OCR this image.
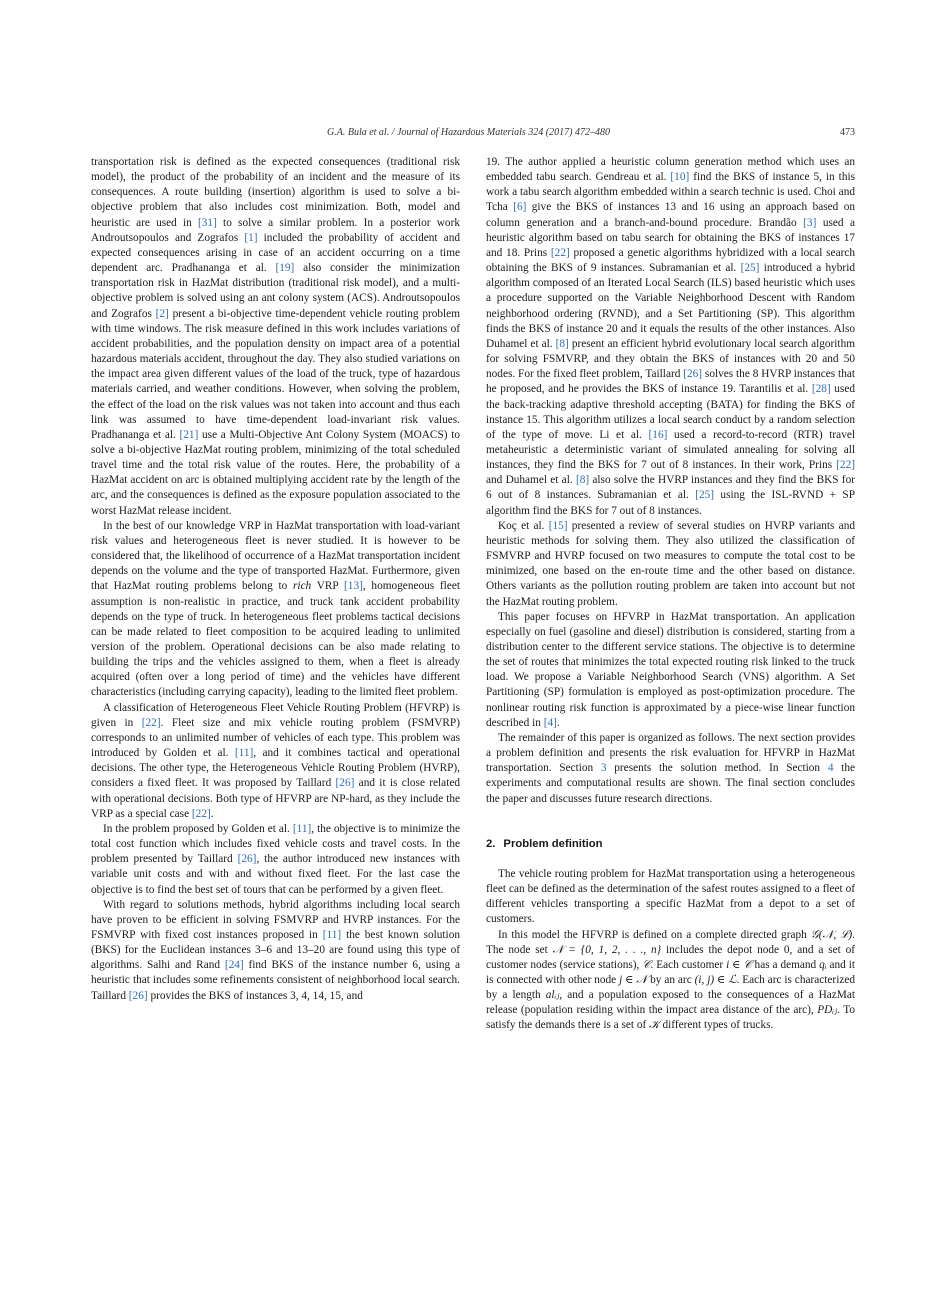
G.A. Bula et al. / Journal of Hazardous Materials 324 (2017) 472–480	473

transportation risk is defined as the expected consequences (traditional risk model), the product of the probability of an incident and the measure of its consequences. A route building (insertion) algorithm is used to solve a bi-objective problem that also includes cost minimization. Both, model and heuristic are used in [31] to solve a similar problem. In a posterior work Androutsopoulos and Zografos [1] included the probability of accident and expected consequences arising in case of an accident occurring on a time dependent arc. Pradhananga et al. [19] also consider the minimization transportation risk in HazMat distribution (traditional risk model), and a multi-objective problem is solved using an ant colony system (ACS). Androutsopoulos and Zografos [2] present a bi-objective time-dependent vehicle routing problem with time windows. The risk measure defined in this work includes variations of accident probabilities, and the population density on impact area of a potential hazardous materials accident, throughout the day. They also studied variations on the impact area given different values of the load of the truck, type of hazardous materials carried, and weather conditions. However, when solving the problem, the effect of the load on the risk values was not taken into account and thus each link was assumed to have time-dependent load-invariant risk values. Pradhananga et al. [21] use a Multi-Objective Ant Colony System (MOACS) to solve a bi-objective HazMat routing problem, minimizing of the total scheduled travel time and the total risk value of the routes. Here, the probability of a HazMat accident on arc is obtained multiplying accident rate by the length of the arc, and the consequences is defined as the exposure population associated to the worst HazMat release incident.

In the best of our knowledge VRP in HazMat transportation with load-variant risk values and heterogeneous fleet is never studied. It is however to be considered that, the likelihood of occurrence of a HazMat transportation incident depends on the volume and the type of transported HazMat. Furthermore, given that HazMat routing problems belong to rich VRP [13], homogeneous fleet assumption is non-realistic in practice, and truck tank accident probability depends on the type of truck. In heterogeneous fleet problems tactical decisions can be made related to fleet composition to be acquired leading to unlimited version of the problem. Operational decisions can be also made relating to building the trips and the vehicles assigned to them, when a fleet is already acquired (often over a long period of time) and the vehicles have different characteristics (including carrying capacity), leading to the limited fleet problem.

A classification of Heterogeneous Fleet Vehicle Routing Problem (HFVRP) is given in [22]. Fleet size and mix vehicle routing problem (FSMVRP) corresponds to an unlimited number of vehicles of each type. This problem was introduced by Golden et al. [11], and it combines tactical and operational decisions. The other type, the Heterogeneous Vehicle Routing Problem (HVRP), considers a fixed fleet. It was proposed by Taillard [26] and it is close related with operational decisions. Both type of HFVRP are NP-hard, as they include the VRP as a special case [22].

In the problem proposed by Golden et al. [11], the objective is to minimize the total cost function which includes fixed vehicle costs and travel costs. In the problem presented by Taillard [26], the author introduced new instances with variable unit costs and with and without fixed fleet. For the last case the objective is to find the best set of tours that can be performed by a given fleet.

With regard to solutions methods, hybrid algorithms including local search have proven to be efficient in solving FSMVRP and HVRP instances. For the FSMVRP with fixed cost instances proposed in [11] the best known solution (BKS) for the Euclidean instances 3–6 and 13–20 are found using this type of algorithms. Salhi and Rand [24] find BKS of the instance number 6, using a heuristic that includes some refinements consistent of neighborhood local search. Taillard [26] provides the BKS of instances 3, 4, 14, 15, and

19. The author applied a heuristic column generation method which uses an embedded tabu search. Gendreau et al. [10] find the BKS of instance 5, in this work a tabu search algorithm embedded within a search technic is used. Choi and Tcha [6] give the BKS of instances 13 and 16 using an approach based on column generation and a branch-and-bound procedure. Brandão [3] used a heuristic algorithm based on tabu search for obtaining the BKS of instances 17 and 18. Prins [22] proposed a genetic algorithms hybridized with a local search obtaining the BKS of 9 instances. Subramanian et al. [25] introduced a hybrid algorithm composed of an Iterated Local Search (ILS) based heuristic which uses a procedure supported on the Variable Neighborhood Descent with Random neighborhood ordering (RVND), and a Set Partitioning (SP). This algorithm finds the BKS of instance 20 and it equals the results of the other instances. Also Duhamel et al. [8] present an efficient hybrid evolutionary local search algorithm for solving FSMVRP, and they obtain the BKS of instances with 20 and 50 nodes. For the fixed fleet problem, Taillard [26] solves the 8 HVRP instances that he proposed, and he provides the BKS of instance 19. Tarantilis et al. [28] used the back-tracking adaptive threshold accepting (BATA) for finding the BKS of instance 15. This algorithm utilizes a local search conduct by a random selection of the type of move. Li et al. [16] used a record-to-record (RTR) travel metaheuristic a deterministic variant of simulated annealing for solving all instances, they find the BKS for 7 out of 8 instances. In their work, Prins [22] and Duhamel et al. [8] also solve the HVRP instances and they find the BKS for 6 out of 8 instances. Subramanian et al. [25] using the ISL-RVND + SP algorithm find the BKS for 7 out of 8 instances.

Koç et al. [15] presented a review of several studies on HVRP variants and heuristic methods for solving them. They also utilized the classification of FSMVRP and HVRP focused on two measures to compute the total cost to be minimized, one based on the en-route time and the other based on distance. Others variants as the pollution routing problem are taken into account but not the HazMat routing problem.

This paper focuses on HFVRP in HazMat transportation. An application especially on fuel (gasoline and diesel) distribution is considered, starting from a distribution center to the different service stations. The objective is to determine the set of routes that minimizes the total expected routing risk linked to the truck load. We propose a Variable Neighborhood Search (VNS) algorithm. A Set Partitioning (SP) formulation is employed as post-optimization procedure. The nonlinear routing risk function is approximated by a piece-wise linear function described in [4].

The remainder of this paper is organized as follows. The next section provides a problem definition and presents the risk evaluation for HFVRP in HazMat transportation. Section 3 presents the solution method. In Section 4 the experiments and computational results are shown. The final section concludes the paper and discusses future research directions.

2. Problem definition

The vehicle routing problem for HazMat transportation using a heterogeneous fleet can be defined as the determination of the safest routes assigned to a fleet of different vehicles transporting a specific HazMat from a depot to a set of customers.

In this model the HFVRP is defined on a complete directed graph 𝒢(𝒩, ℒ). The node set 𝒩 = {0, 1, 2, . . ., n} includes the depot node 0, and a set of customer nodes (service stations), 𝒞. Each customer i ∈ 𝒞 has a demand qᵢ and it is connected with other node j ∈ 𝒩 by an arc (i, j) ∈ ℒ. Each arc is characterized by a length alᵢⱼ, and a population exposed to the consequences of a HazMat release (population residing within the impact area distance of the arc), PDᵢⱼ. To satisfy the demands there is a set of 𝒦 different types of trucks.
